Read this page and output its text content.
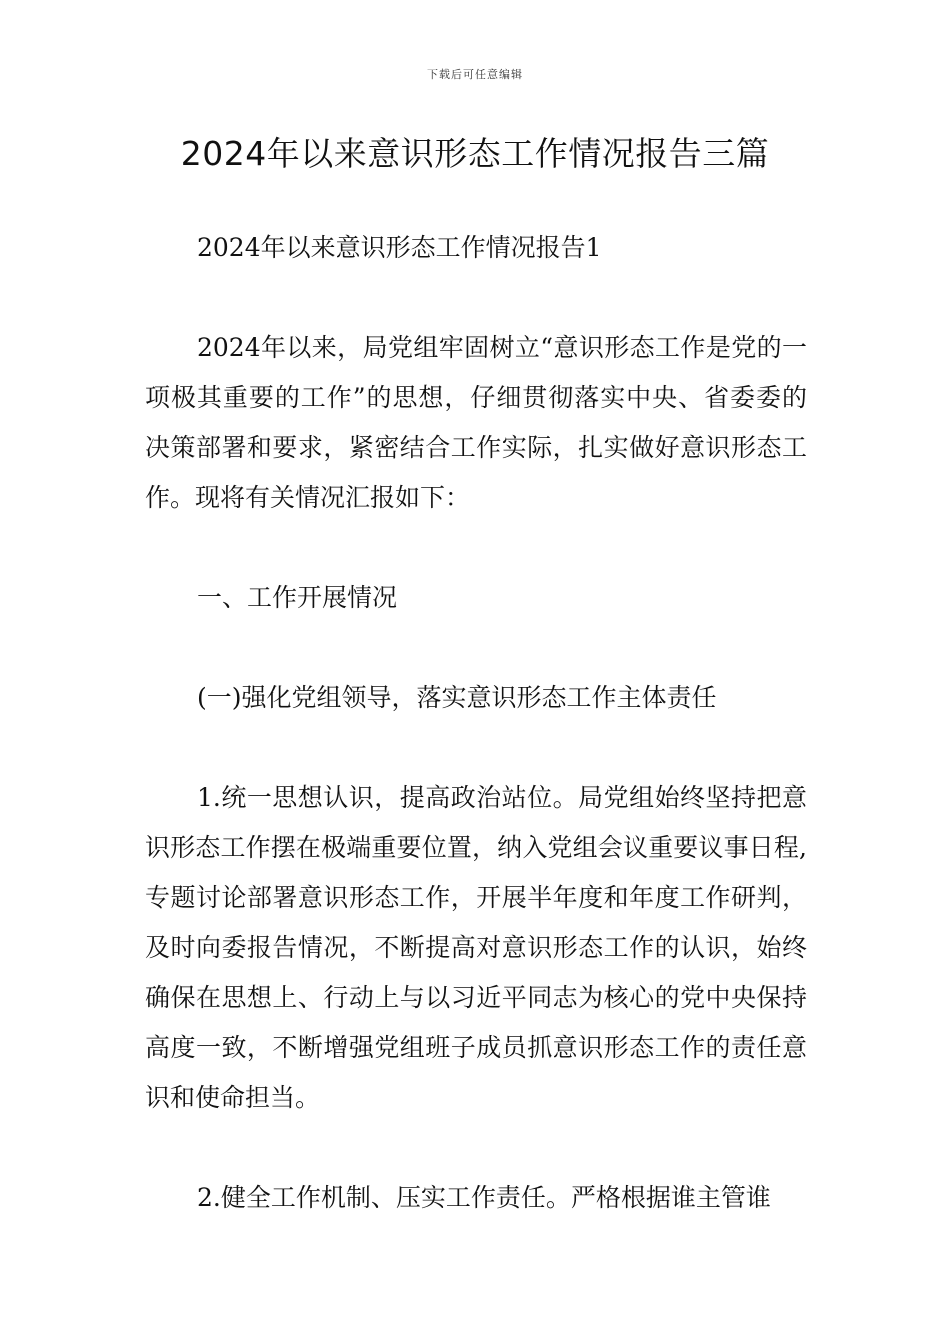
下载后可任意编辑
2024年以来意识形态工作情况报告三篇

2024年以来意识形态工作情况报告1

2024年以来，局党组牢固树立“意识形态工作是党的一项极其重要的工作”的思想，仔细贯彻落实中央、省委委的决策部署和要求，紧密结合工作实际，扎实做好意识形态工作。现将有关情况汇报如下：

一、工作开展情况

(一)强化党组领导，落实意识形态工作主体责任

1.统一思想认识，提高政治站位。局党组始终坚持把意识形态工作摆在极端重要位置，纳入党组会议重要议事日程,专题讨论部署意识形态工作，开展半年度和年度工作研判，及时向委报告情况，不断提高对意识形态工作的认识，始终确保在思想上、行动上与以习近平同志为核心的党中央保持高度一致，不断增强党组班子成员抓意识形态工作的责任意识和使命担当。

2.健全工作机制、压实工作责任。严格根据谁主管谁
